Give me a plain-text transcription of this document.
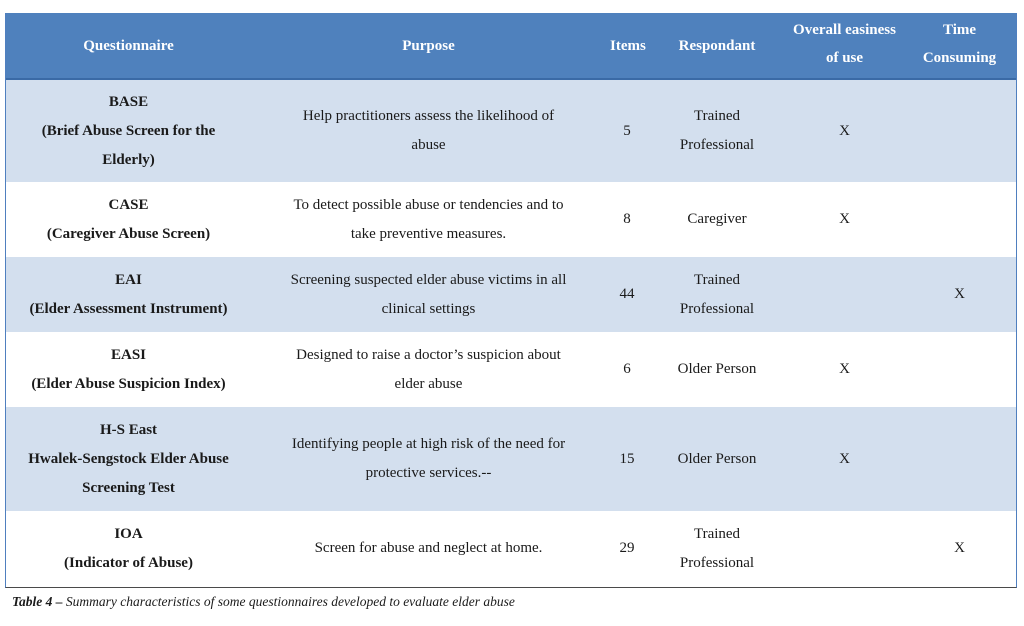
Questionnaire	Purpose	Items	Respondant	Overall easiness
of use	Time
Consuming

BASE
(Brief Abuse Screen for the
Elderly)	Help practitioners assess the likelihood of
abuse	5	Trained
Professional	X	

CASE
(Caregiver Abuse Screen)	To detect possible abuse or tendencies and to
take preventive measures.	8	Caregiver	X	

EAI
(Elder Assessment Instrument)	Screening suspected elder abuse victims in all
clinical settings	44	Trained
Professional		X

EASI
(Elder Abuse Suspicion Index)	Designed to raise a doctor’s suspicion about
elder abuse	6	Older Person	X	

H-S East
Hwalek-Sengstock Elder Abuse
Screening Test	Identifying people at high risk of the need for
protective services.--	15	Older Person	X	

IOA
(Indicator of Abuse)	Screen for abuse and neglect at home.	29	Trained
Professional		X
Table 4 – Summary characteristics of some questionnaires developed to evaluate elder abuse
